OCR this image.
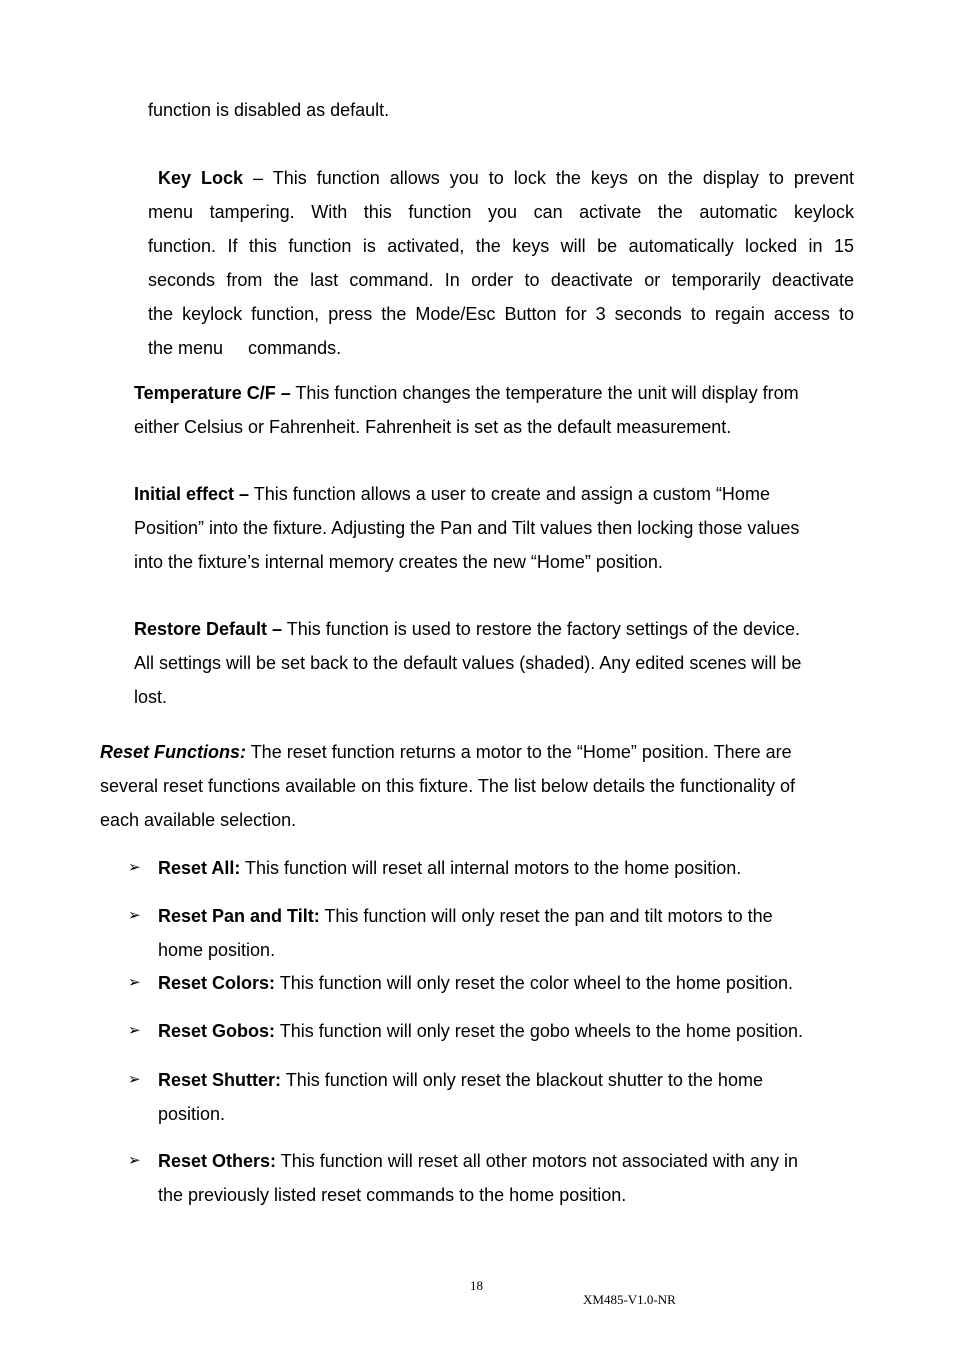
function is disabled as default.
Key Lock – This function allows you to lock the keys on the display to prevent
menu tampering. With this function you can activate the automatic keylock
function. If this function is activated, the keys will be automatically locked in 15
seconds from the last command. In order to deactivate or temporarily deactivate
the keylock function, press the Mode/Esc Button for 3 seconds to regain access to
the menu     commands.
Temperature C/F – This function changes the temperature the unit will display from
either Celsius or Fahrenheit. Fahrenheit is set as the default measurement.
Initial effect – This function allows a user to create and assign a custom “Home
Position” into the fixture. Adjusting the Pan and Tilt values then locking those values
into the fixture’s internal memory creates the new “Home” position.
Restore Default – This function is used to restore the factory settings of the device.
All settings will be set back to the default values (shaded). Any edited scenes will be
lost.
Reset Functions: The reset function returns a motor to the “Home” position. There are
several reset functions available on this fixture. The list below details the functionality of
each available selection.
➢ Reset All: This function will reset all internal motors to the home position.
➢ Reset Pan and Tilt: This function will only reset the pan and tilt motors to the
home position.
➢ Reset Colors: This function will only reset the color wheel to the home position.
➢ Reset Gobos: This function will only reset the gobo wheels to the home position.
➢ Reset Shutter: This function will only reset the blackout shutter to the home
position.
➢ Reset Others: This function will reset all other motors not associated with any in
the previously listed reset commands to the home position.
18
XM485-V1.0-NR
